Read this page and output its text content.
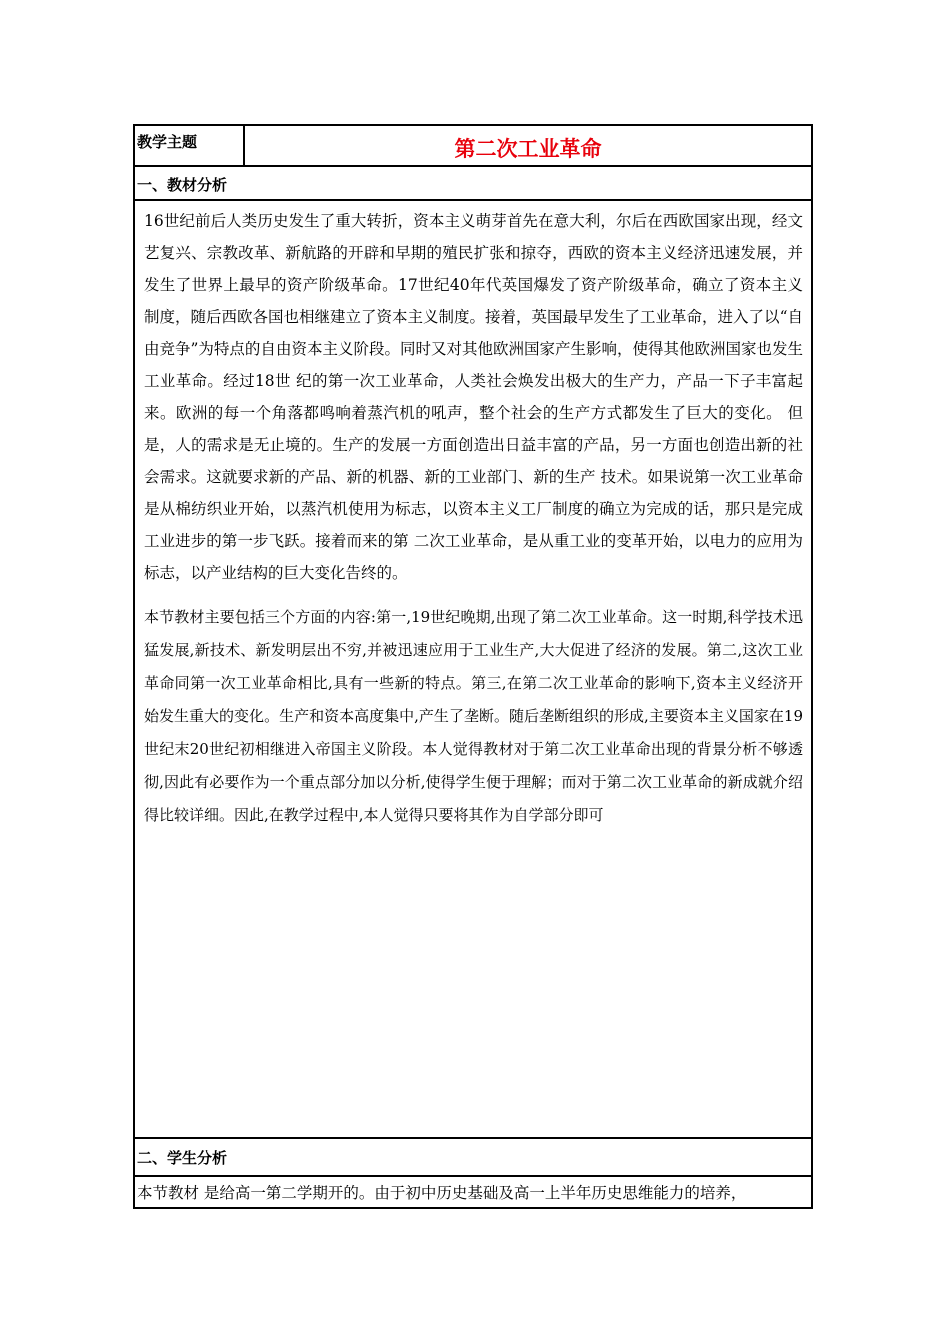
教学主题	第二次工业革命
一、教材分析

16世纪前后人类历史发生了重大转折，资本主义萌芽首先在意大利，尔后在西欧国家出现，经文艺复兴、宗教改革、新航路的开辟和早期的殖民扩张和掠夺，西欧的资本主义经济迅速发展，并发生了世界上最早的资产阶级革命。17世纪40年代英国爆发了资产阶级革命，确立了资本主义制度，随后西欧各国也相继建立了资本主义制度。接着，英国最早发生了工业革命，进入了以“自由竞争”为特点的自由资本主义阶段。同时又对其他欧洲国家产生影响，使得其他欧洲国家也发生工业革命。经过18世 纪的第一次工业革命，人类社会焕发出极大的生产力，产品一下子丰富起来。欧洲的每一个角落都鸣响着蒸汽机的吼声，整个社会的生产方式都发生了巨大的变化。 但是，人的需求是无止境的。生产的发展一方面创造出日益丰富的产品，另一方面也创造出新的社会需求。这就要求新的产品、新的机器、新的工业部门、新的生产 技术。如果说第一次工业革命是从棉纺织业开始，以蒸汽机使用为标志，以资本主义工厂制度的确立为完成的话，那只是完成工业进步的第一步飞跃。接着而来的第 二次工业革命，是从重工业的变革开始，以电力的应用为标志，以产业结构的巨大变化告终的。

本节教材主要包括三个方面的内容:第一,19世纪晚期,出现了第二次工业革命。这一时期,科学技术迅猛发展,新技术、新发明层出不穷,并被迅速应用于工业生产,大大促进了经济的发展。第二,这次工业革命同第一次工业革命相比,具有一些新的特点。第三,在第二次工业革命的影响下,资本主义经济开始发生重大的变化。生产和资本高度集中,产生了垄断。随后垄断组织的形成,主要资本主义国家在19世纪末20世纪初相继进入帝国主义阶段。本人觉得教材对于第二次工业革命出现的背景分析不够透彻,因此有必要作为一个重点部分加以分析,使得学生便于理解；而对于第二次工业革命的新成就介绍得比较详细。因此,在教学过程中,本人觉得只要将其作为自学部分即可

二、学生分析
本节教材 是给高一第二学期开的。由于初中历史基础及高一上半年历史思维能力的培养，
